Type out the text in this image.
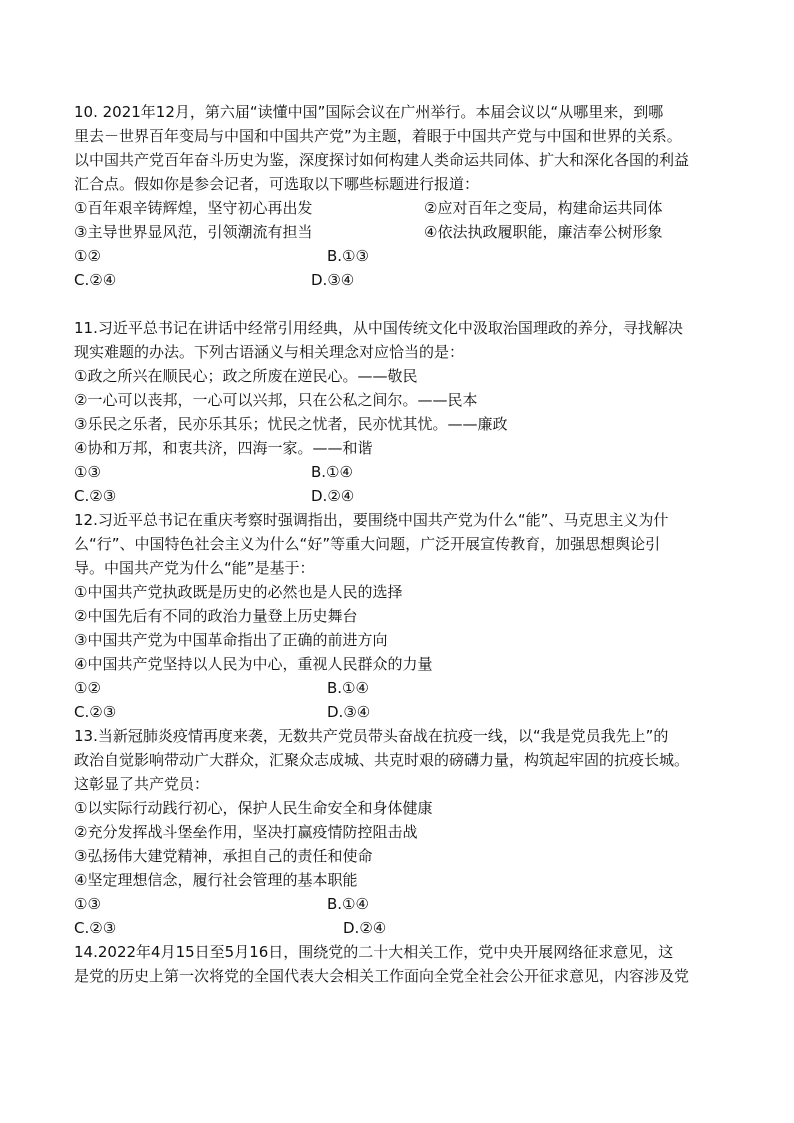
10. 2021年12月，第六届“读懂中国”国际会议在广州举行。本届会议以“从哪里来，到哪
里去－世界百年变局与中国和中国共产党”为主题，着眼于中国共产党与中国和世界的关系。
以中国共产党百年奋斗历史为鉴，深度探讨如何构建人类命运共同体、扩大和深化各国的利益
汇合点。假如你是参会记者，可选取以下哪些标题进行报道：
①百年艰辛铸辉煌，坚守初心再出发	②应对百年之变局，构建命运共同体
③主导世界显风范，引领潮流有担当	④依法执政履职能，廉洁奉公树形象
①②	B.①③
C.②④	D.③④
11.习近平总书记在讲话中经常引用经典，从中国传统文化中汲取治国理政的养分，寻找解决
现实难题的办法。下列古语涵义与相关理念对应恰当的是：
①政之所兴在顺民心；政之所废在逆民心。——敬民
②一心可以丧邦，一心可以兴邦，只在公私之间尔。——民本
③乐民之乐者，民亦乐其乐；忧民之忧者，民亦忧其忧。——廉政
④协和万邦，和衷共济，四海一家。——和谐
①③	B.①④
C.②③	D.②④
12.习近平总书记在重庆考察时强调指出，要围绕中国共产党为什么“能”、马克思主义为什
么“行”、中国特色社会主义为什么“好”等重大问题，广泛开展宣传教育，加强思想舆论引
导。中国共产党为什么“能”是基于：
①中国共产党执政既是历史的必然也是人民的选择
②中国先后有不同的政治力量登上历史舞台
③中国共产党为中国革命指出了正确的前进方向
④中国共产党坚持以人民为中心，重视人民群众的力量
①②	B.①④
C.②③	D.③④
13.当新冠肺炎疫情再度来袭，无数共产党员带头奋战在抗疫一线，以“我是党员我先上”的
政治自觉影响带动广大群众，汇聚众志成城、共克时艰的磅礴力量，构筑起牢固的抗疫长城。
这彰显了共产党员：
①以实际行动践行初心，保护人民生命安全和身体健康
②充分发挥战斗堡垒作用，坚决打赢疫情防控阻击战
③弘扬伟大建党精神，承担自己的责任和使命
④坚定理想信念，履行社会管理的基本职能
①③	B.①④
C.②③	D.②④
14.2022年4月15日至5月16日，围绕党的二十大相关工作，党中央开展网络征求意见，这
是党的历史上第一次将党的全国代表大会相关工作面向全党全社会公开征求意见，内容涉及党
